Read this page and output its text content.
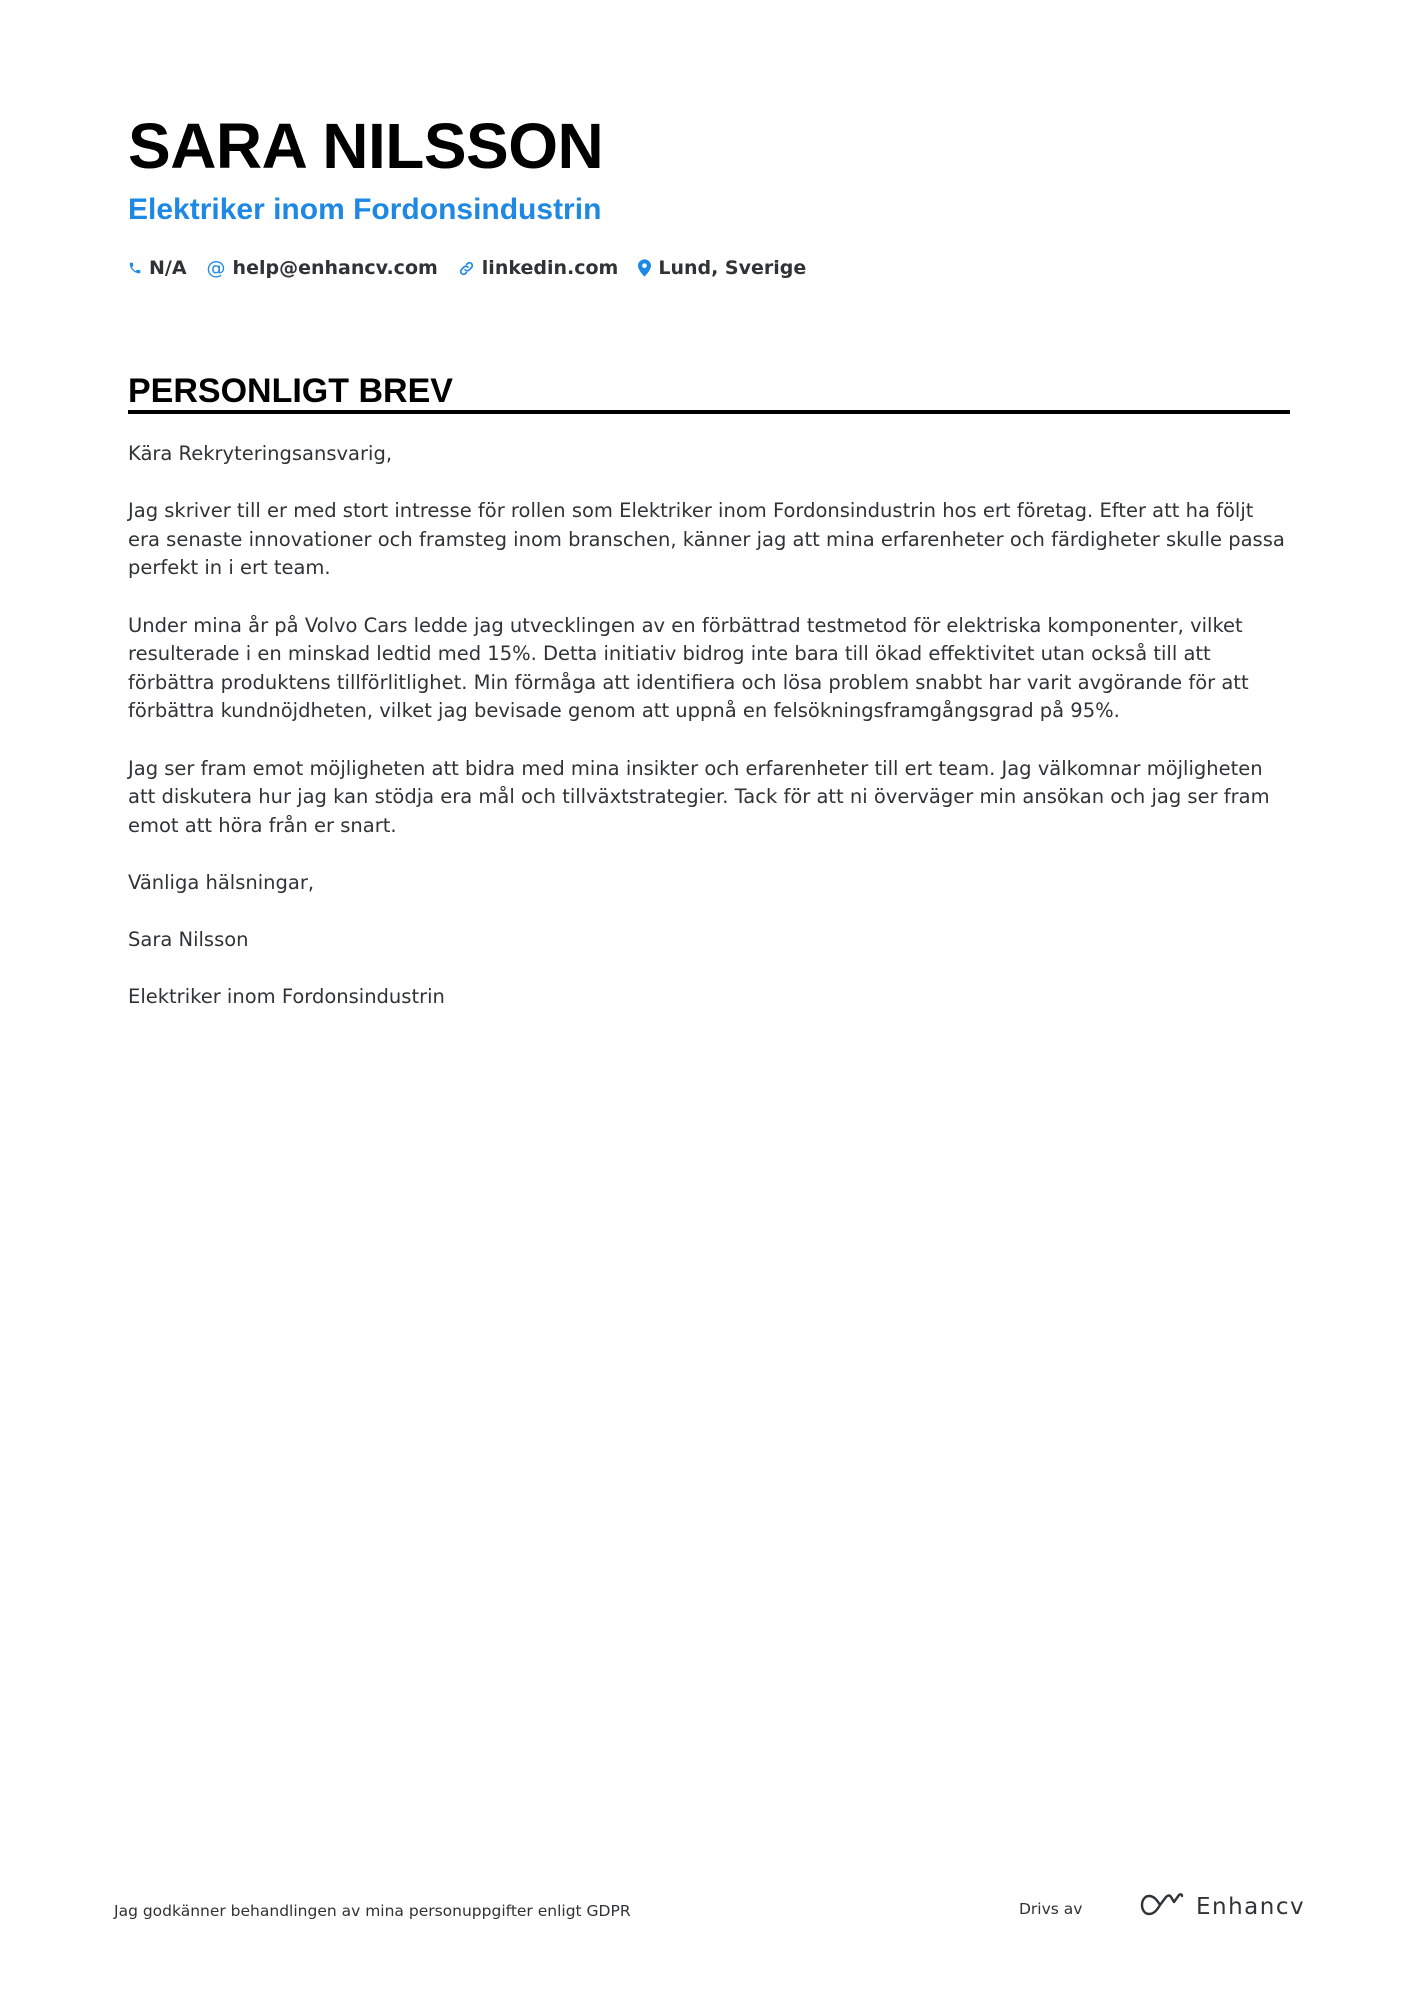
SARA NILSSON
Elektriker inom Fordonsindustrin
N/A @ help@enhancv.com linkedin.com Lund, Sverige
PERSONLIGT BREV

Kära Rekryteringsansvarig,

Jag skriver till er med stort intresse för rollen som Elektriker inom Fordonsindustrin hos ert företag. Efter att ha följt era senaste innovationer och framsteg inom branschen, känner jag att mina erfarenheter och färdigheter skulle passa perfekt in i ert team.

Under mina år på Volvo Cars ledde jag utvecklingen av en förbättrad testmetod för elektriska komponenter, vilket resulterade i en minskad ledtid med 15%. Detta initiativ bidrog inte bara till ökad effektivitet utan också till att förbättra produktens tillförlitlighet. Min förmåga att identifiera och lösa problem snabbt har varit avgörande för att förbättra kundnöjdheten, vilket jag bevisade genom att uppnå en felsökningsframgångsgrad på 95%.

Jag ser fram emot möjligheten att bidra med mina insikter och erfarenheter till ert team. Jag välkomnar möjligheten att diskutera hur jag kan stödja era mål och tillväxtstrategier. Tack för att ni överväger min ansökan och jag ser fram emot att höra från er snart.

Vänliga hälsningar,

Sara Nilsson

Elektriker inom Fordonsindustrin

Jag godkänner behandlingen av mina personuppgifter enligt GDPR	Drivs av	Enhancv
